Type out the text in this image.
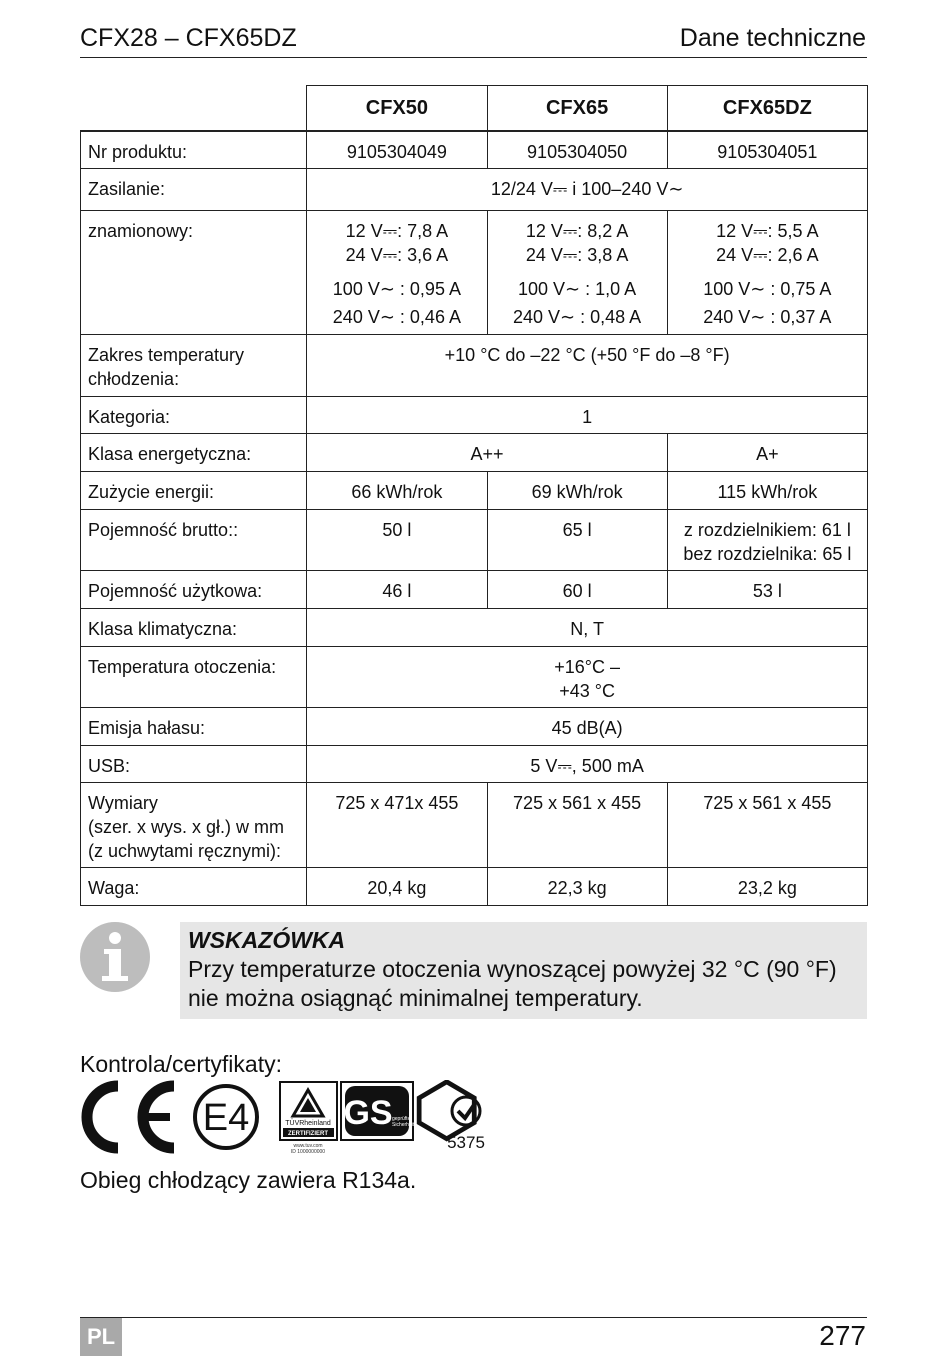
CFX28 – CFX65DZ	Dane techniczne
	CFX50	CFX65	CFX65DZ
Nr produktu:	9105304049	9105304050	9105304051
Zasilanie:	12/24 V⎓ i 100–240 V∼		
znamionowy:	12 V⎓: 7,8 A
24 V⎓: 3,6 A
100 V∼ : 0,95 A
240 V∼ : 0,46 A	12 V⎓: 8,2 A
24 V⎓: 3,8 A
100 V∼ : 1,0 A
240 V∼ : 0,48 A	12 V⎓: 5,5 A
24 V⎓: 2,6 A
100 V∼ : 0,75 A
240 V∼ : 0,37 A

Zakres temperatury
chłodzenia:	+10 °C do –22 °C (+50 °F do –8 °F)		
Kategoria:	1		
Klasa energetyczna:	A++		A+
Zużycie energii:	66 kWh/rok	69 kWh/rok	115 kWh/rok
Pojemność brutto::	50 l	65 l	z rozdzielnikiem: 61 l
bez rozdzielnika: 65 l

Pojemność użytkowa:	46 l	60 l	53 l
Klasa klimatyczna:	N, T		
Temperatura otoczenia:	+16°C –
+43 °C		

Emisja hałasu:	45 dB(A)		
USB:	5 V⎓, 500 mA		

Wymiary
(szer. x wys. x gł.) w mm
(z uchwytami ręcznymi):	725 x 471x 455	725 x 561 x 455	725 x 561 x 455
Waga:	20,4 kg	22,3 kg	23,2 kg
WSKAZÓWKA
Przy temperaturze otoczenia wynoszącej powyżej 32 °C (90 °F)
nie można osiągnąć minimalnej temperatury.
Kontrola/certyfikaty:
E4	TÜVRheinland
ZERTIFIZIERT
www.tuv.com
ID 1000000000
GS geprüfte
Sicherheit
5375
Obieg chłodzący zawiera R134a.
PL	277
